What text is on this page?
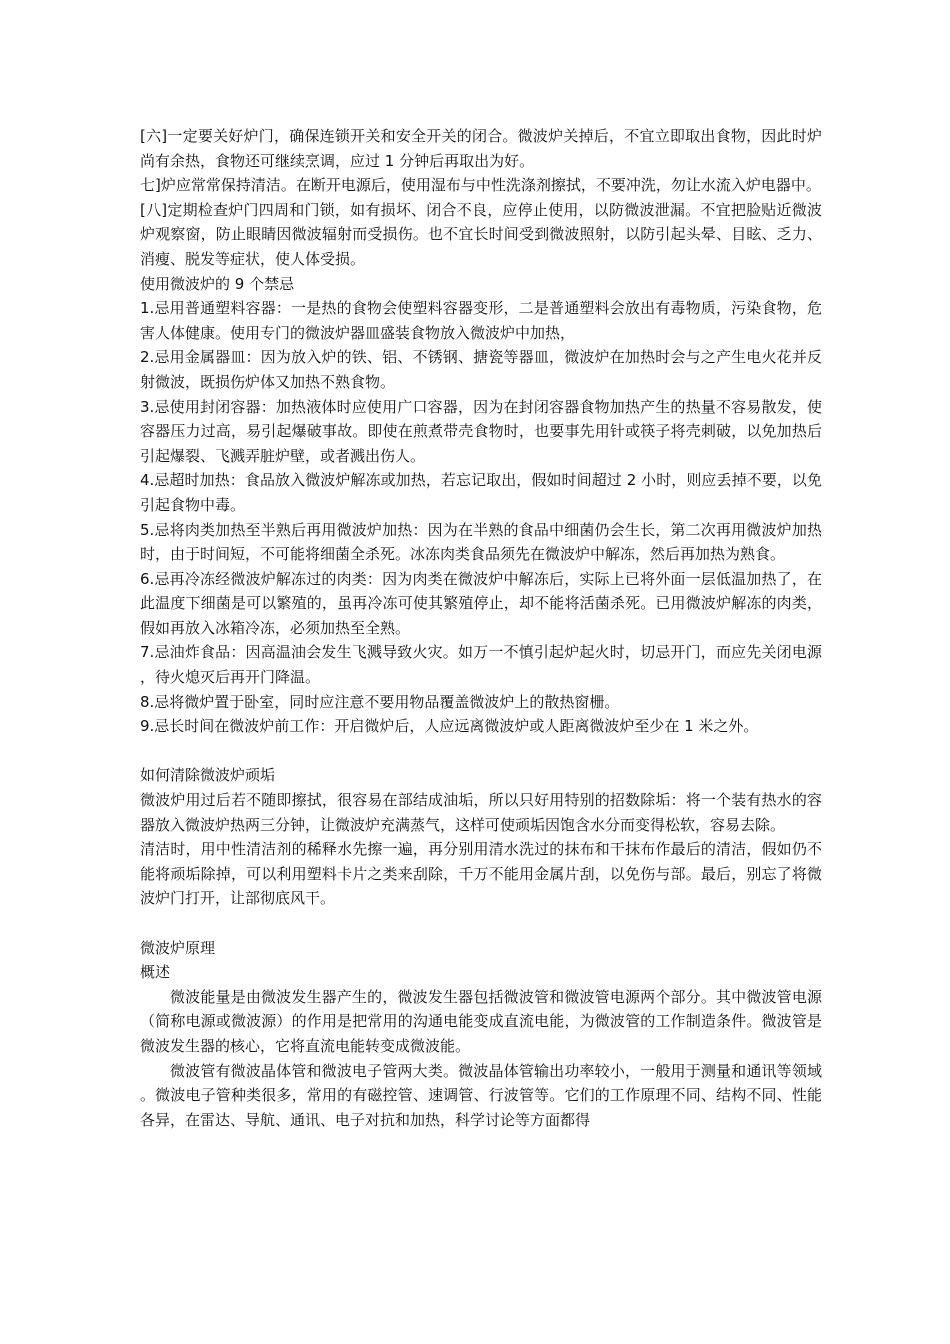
[六]一定要关好炉门，确保连锁开关和安全开关的闭合。微波炉关掉后，不宜立即取出食物，因此时炉尚有余热，食物还可继续烹调，应过 1 分钟后再取出为好。

七]炉应常常保持清洁。在断开电源后，使用湿布与中性洗涤剂擦拭，不要冲洗，勿让水流入炉电器中。

[八]定期检查炉门四周和门锁，如有损坏、闭合不良，应停止使用，以防微波泄漏。不宜把脸贴近微波炉观察窗，防止眼睛因微波辐射而受损伤。也不宜长时间受到微波照射，以防引起头晕、目眩、乏力、消瘦、脱发等症状，使人体受损。

使用微波炉的 9 个禁忌

1.忌用普通塑料容器：一是热的食物会使塑料容器变形，二是普通塑料会放出有毒物质，污染食物，危害人体健康。使用专门的微波炉器皿盛装食物放入微波炉中加热，

2.忌用金属器皿：因为放入炉的铁、铝、不锈钢、搪瓷等器皿，微波炉在加热时会与之产生电火花并反射微波，既损伤炉体又加热不熟食物。

3.忌使用封闭容器：加热液体时应使用广口容器，因为在封闭容器食物加热产生的热量不容易散发，使容器压力过高，易引起爆破事故。即使在煎煮带壳食物时，也要事先用针或筷子将壳刺破，以免加热后引起爆裂、飞溅弄脏炉壁，或者溅出伤人。

4.忌超时加热：食品放入微波炉解冻或加热，若忘记取出，假如时间超过 2 小时，则应丢掉不要，以免引起食物中毒。

5.忌将肉类加热至半熟后再用微波炉加热：因为在半熟的食品中细菌仍会生长，第二次再用微波炉加热时，由于时间短，不可能将细菌全杀死。冰冻肉类食品须先在微波炉中解冻，然后再加热为熟食。

6.忌再冷冻经微波炉解冻过的肉类：因为肉类在微波炉中解冻后，实际上已将外面一层低温加热了，在此温度下细菌是可以繁殖的，虽再冷冻可使其繁殖停止，却不能将活菌杀死。已用微波炉解冻的肉类，假如再放入冰箱冷冻，必须加热至全熟。

7.忌油炸食品：因高温油会发生飞溅导致火灾。如万一不慎引起炉起火时，切忌开门，而应先关闭电源，待火熄灭后再开门降温。

8.忌将微炉置于卧室，同时应注意不要用物品覆盖微波炉上的散热窗栅。

9.忌长时间在微波炉前工作：开启微炉后，人应远离微波炉或人距离微波炉至少在 1 米之外。

如何清除微波炉顽垢

微波炉用过后若不随即擦拭，很容易在部结成油垢，所以只好用特别的招数除垢：将一个装有热水的容器放入微波炉热两三分钟，让微波炉充满蒸气，这样可使顽垢因饱含水分而变得松软，容易去除。

清洁时，用中性清洁剂的稀释水先擦一遍，再分别用清水洗过的抹布和干抹布作最后的清洁，假如仍不能将顽垢除掉，可以利用塑料卡片之类来刮除，千万不能用金属片刮，以免伤与部。最后，别忘了将微波炉门打开，让部彻底风干。

微波炉原理

概述

微波能量是由微波发生器产生的，微波发生器包括微波管和微波管电源两个部分。其中微波管电源（简称电源或微波源）的作用是把常用的沟通电能变成直流电能，为微波管的工作制造条件。微波管是微波发生器的核心，它将直流电能转变成微波能。

微波管有微波晶体管和微波电子管两大类。微波晶体管输出功率较小，一般用于测量和通讯等领域。微波电子管种类很多，常用的有磁控管、速调管、行波管等。它们的工作原理不同、结构不同、性能各异，在雷达、导航、通讯、电子对抗和加热，科学讨论等方面都得
